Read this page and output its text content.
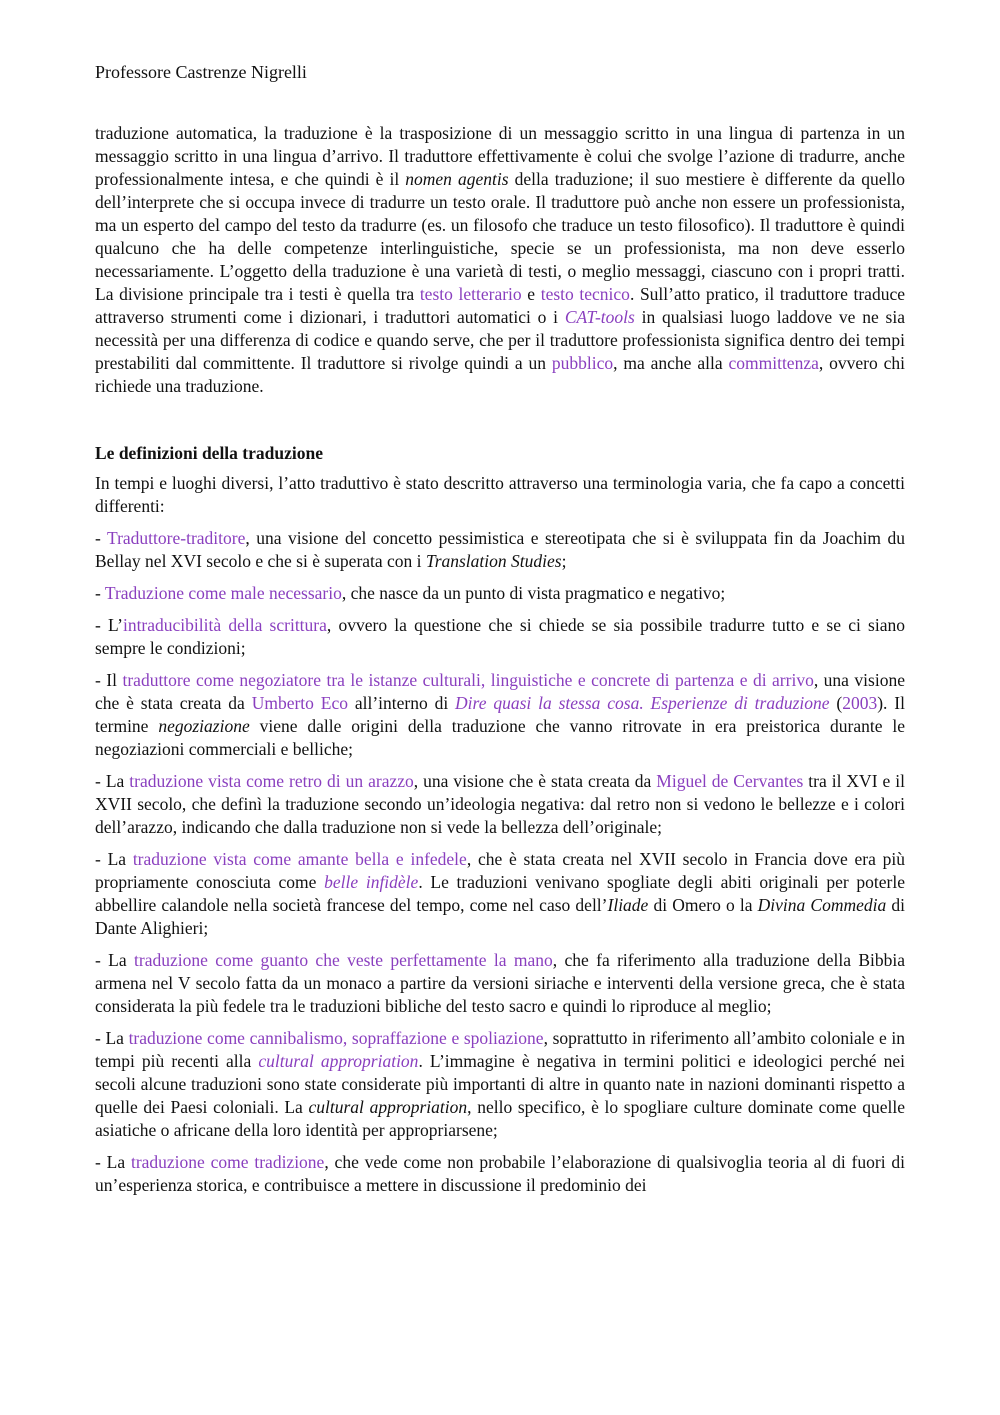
Professore Castrenze Nigrelli

traduzione automatica, la traduzione è la trasposizione di un messaggio scritto in una lingua di partenza in un messaggio scritto in una lingua d’arrivo. Il traduttore effettivamente è colui che svolge l’azione di tradurre, anche professionalmente intesa, e che quindi è il nomen agentis della traduzione; il suo mestiere è differente da quello dell’interprete che si occupa invece di tradurre un testo orale. Il traduttore può anche non essere un professionista, ma un esperto del campo del testo da tradurre (es. un filosofo che traduce un testo filosofico). Il traduttore è quindi qualcuno che ha delle competenze interlinguistiche, specie se un professionista, ma non deve esserlo necessariamente. L’oggetto della traduzione è una varietà di testi, o meglio messaggi, ciascuno con i propri tratti. La divisione principale tra i testi è quella tra testo letterario e testo tecnico. Sull’atto pratico, il traduttore traduce attraverso strumenti come i dizionari, i traduttori automatici o i CAT-tools in qualsiasi luogo laddove ve ne sia necessità per una differenza di codice e quando serve, che per il traduttore professionista significa dentro dei tempi prestabiliti dal committente. Il traduttore si rivolge quindi a un pubblico, ma anche alla committenza, ovvero chi richiede una traduzione.

Le definizioni della traduzione

In tempi e luoghi diversi, l’atto traduttivo è stato descritto attraverso una terminologia varia, che fa capo a concetti differenti:

- Traduttore-traditore, una visione del concetto pessimistica e stereotipata che si è sviluppata fin da Joachim du Bellay nel XVI secolo e che si è superata con i Translation Studies;

- Traduzione come male necessario, che nasce da un punto di vista pragmatico e negativo;

- L’intraducibilità della scrittura, ovvero la questione che si chiede se sia possibile tradurre tutto e se ci siano sempre le condizioni;

- Il traduttore come negoziatore tra le istanze culturali, linguistiche e concrete di partenza e di arrivo, una visione che è stata creata da Umberto Eco all’interno di Dire quasi la stessa cosa. Esperienze di traduzione (2003). Il termine negoziazione viene dalle origini della traduzione che vanno ritrovate in era preistorica durante le negoziazioni commerciali e belliche;

- La traduzione vista come retro di un arazzo, una visione che è stata creata da Miguel de Cervantes tra il XVI e il XVII secolo, che definì la traduzione secondo un’ideologia negativa: dal retro non si vedono le bellezze e i colori dell’arazzo, indicando che dalla traduzione non si vede la bellezza dell’originale;

- La traduzione vista come amante bella e infedele, che è stata creata nel XVII secolo in Francia dove era più propriamente conosciuta come belle infidèle. Le traduzioni venivano spogliate degli abiti originali per poterle abbellire calandole nella società francese del tempo, come nel caso dell’Iliade di Omero o la Divina Commedia di Dante Alighieri;

- La traduzione come guanto che veste perfettamente la mano, che fa riferimento alla traduzione della Bibbia armena nel V secolo fatta da un monaco a partire da versioni siriache e interventi della versione greca, che è stata considerata la più fedele tra le traduzioni bibliche del testo sacro e quindi lo riproduce al meglio;

- La traduzione come cannibalismo, sopraffazione e spoliazione, soprattutto in riferimento all’ambito coloniale e in tempi più recenti alla cultural appropriation. L’immagine è negativa in termini politici e ideologici perché nei secoli alcune traduzioni sono state considerate più importanti di altre in quanto nate in nazioni dominanti rispetto a quelle dei Paesi coloniali. La cultural appropriation, nello specifico, è lo spogliare culture dominate come quelle asiatiche o africane della loro identità per appropriarsene;

- La traduzione come tradizione, che vede come non probabile l’elaborazione di qualsivoglia teoria al di fuori di un’esperienza storica, e contribuisce a mettere in discussione il predominio dei
